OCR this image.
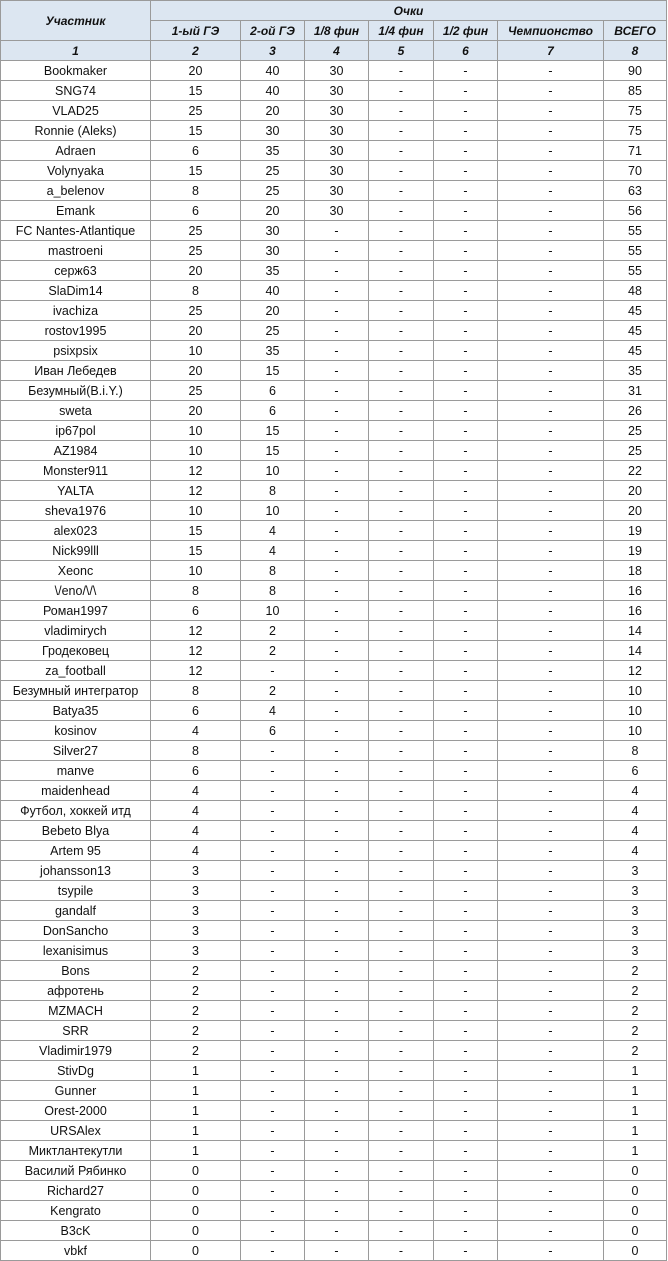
Участник	Очки						
	1-ый ГЭ	2-ой ГЭ	1/8 фин	1/4 фин	1/2 фин	Чемпионство	ВСЕГО
1	2	3	4	5	6	7	8
Bookmaker	20	40	30	-	-	-	90
SNG74	15	40	30	-	-	-	85
VLAD25	25	20	30	-	-	-	75
Ronnie (Aleks)	15	30	30	-	-	-	75
Adraen	6	35	30	-	-	-	71
Volynyaka	15	25	30	-	-	-	70
a_belenov	8	25	30	-	-	-	63
Emank	6	20	30	-	-	-	56
FC Nantes-Atlantique	25	30	-	-	-	-	55
mastroeni	25	30	-	-	-	-	55
серж63	20	35	-	-	-	-	55
SlaDim14	8	40	-	-	-	-	48
ivachiza	25	20	-	-	-	-	45
rostov1995	20	25	-	-	-	-	45
psixpsix	10	35	-	-	-	-	45
Иван Лебедев	20	15	-	-	-	-	35
Безумный(B.i.Y.)	25	6	-	-	-	-	31
sweta	20	6	-	-	-	-	26
ip67pol	10	15	-	-	-	-	25
AZ1984	10	15	-	-	-	-	25
Monster911	12	10	-	-	-	-	22
YALTA	12	8	-	-	-	-	20
sheva1976	10	10	-	-	-	-	20
alex023	15	4	-	-	-	-	19
Nick99lll	15	4	-	-	-	-	19
Xeonc	10	8	-	-	-	-	18
\/eno/\/\	8	8	-	-	-	-	16
Роман1997	6	10	-	-	-	-	16
vladimirych	12	2	-	-	-	-	14
Гродековец	12	2	-	-	-	-	14
za_football	12	-	-	-	-	-	12
Безумный интегратор	8	2	-	-	-	-	10
Batya35	6	4	-	-	-	-	10
kosinov	4	6	-	-	-	-	10
Silver27	8	-	-	-	-	-	8
manve	6	-	-	-	-	-	6
maidenhead	4	-	-	-	-	-	4
Футбол, хоккей итд	4	-	-	-	-	-	4
Bebeto Blya	4	-	-	-	-	-	4
Artem 95	4	-	-	-	-	-	4
johansson13	3	-	-	-	-	-	3
tsypile	3	-	-	-	-	-	3
gandalf	3	-	-	-	-	-	3
DonSancho	3	-	-	-	-	-	3
lexanisimus	3	-	-	-	-	-	3
Bons	2	-	-	-	-	-	2
афротень	2	-	-	-	-	-	2
MZMACH	2	-	-	-	-	-	2
SRR	2	-	-	-	-	-	2
Vladimir1979	2	-	-	-	-	-	2
StivDg	1	-	-	-	-	-	1
Gunner	1	-	-	-	-	-	1
Orest-2000	1	-	-	-	-	-	1
URSAlex	1	-	-	-	-	-	1
Миктлантекутли	1	-	-	-	-	-	1
Василий Рябинко	0	-	-	-	-	-	0
Richard27	0	-	-	-	-	-	0
Kengrato	0	-	-	-	-	-	0
B3cK	0	-	-	-	-	-	0
vbkf	0	-	-	-	-	-	0
